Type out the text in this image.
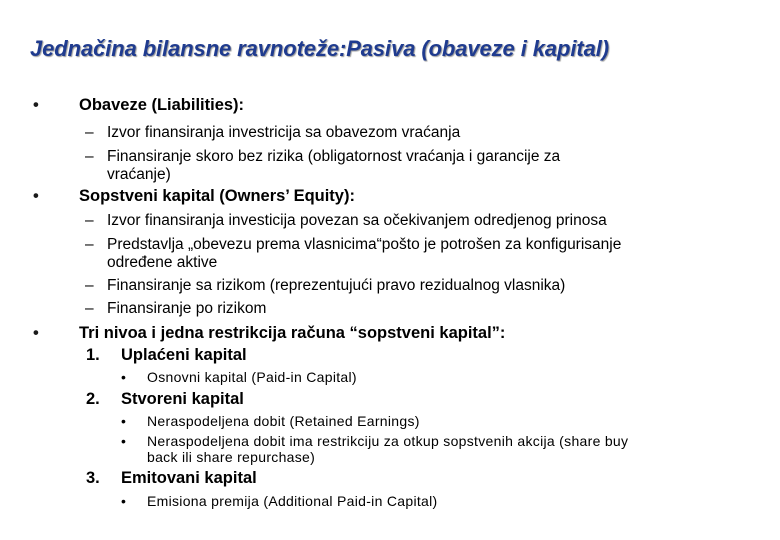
Jednačina bilansne ravnoteže:Pasiva (obaveze i kapital)
• Obaveze (Liabilities):
– Izvor finansiranja investricija sa obavezom vraćanja
– Finansiranje skoro bez rizika (obligatornost vraćanja i garancije za
vraćanje)
• Sopstveni kapital (Owners’ Equity):
– Izvor finansiranja investicija povezan sa očekivanjem odredjenog prinosa
– Predstavlja „obevezu prema vlasnicima“pošto je potrošen za konfigurisanje
određene aktive
– Finansiranje sa rizikom (reprezentujući pravo rezidualnog vlasnika)
– Finansiranje po rizikom
• Tri nivoa i jedna restrikcija računa “sopstveni kapital”:
1. Uplaćeni kapital
• Osnovni kapital (Paid-in Capital)
2. Stvoreni kapital
• Neraspodeljena dobit (Retained Earnings)
• Neraspodeljena dobit ima restrikciju za otkup sopstvenih akcija (share buy
back ili share repurchase)
3. Emitovani kapital
• Emisiona premija (Additional Paid-in Capital)
